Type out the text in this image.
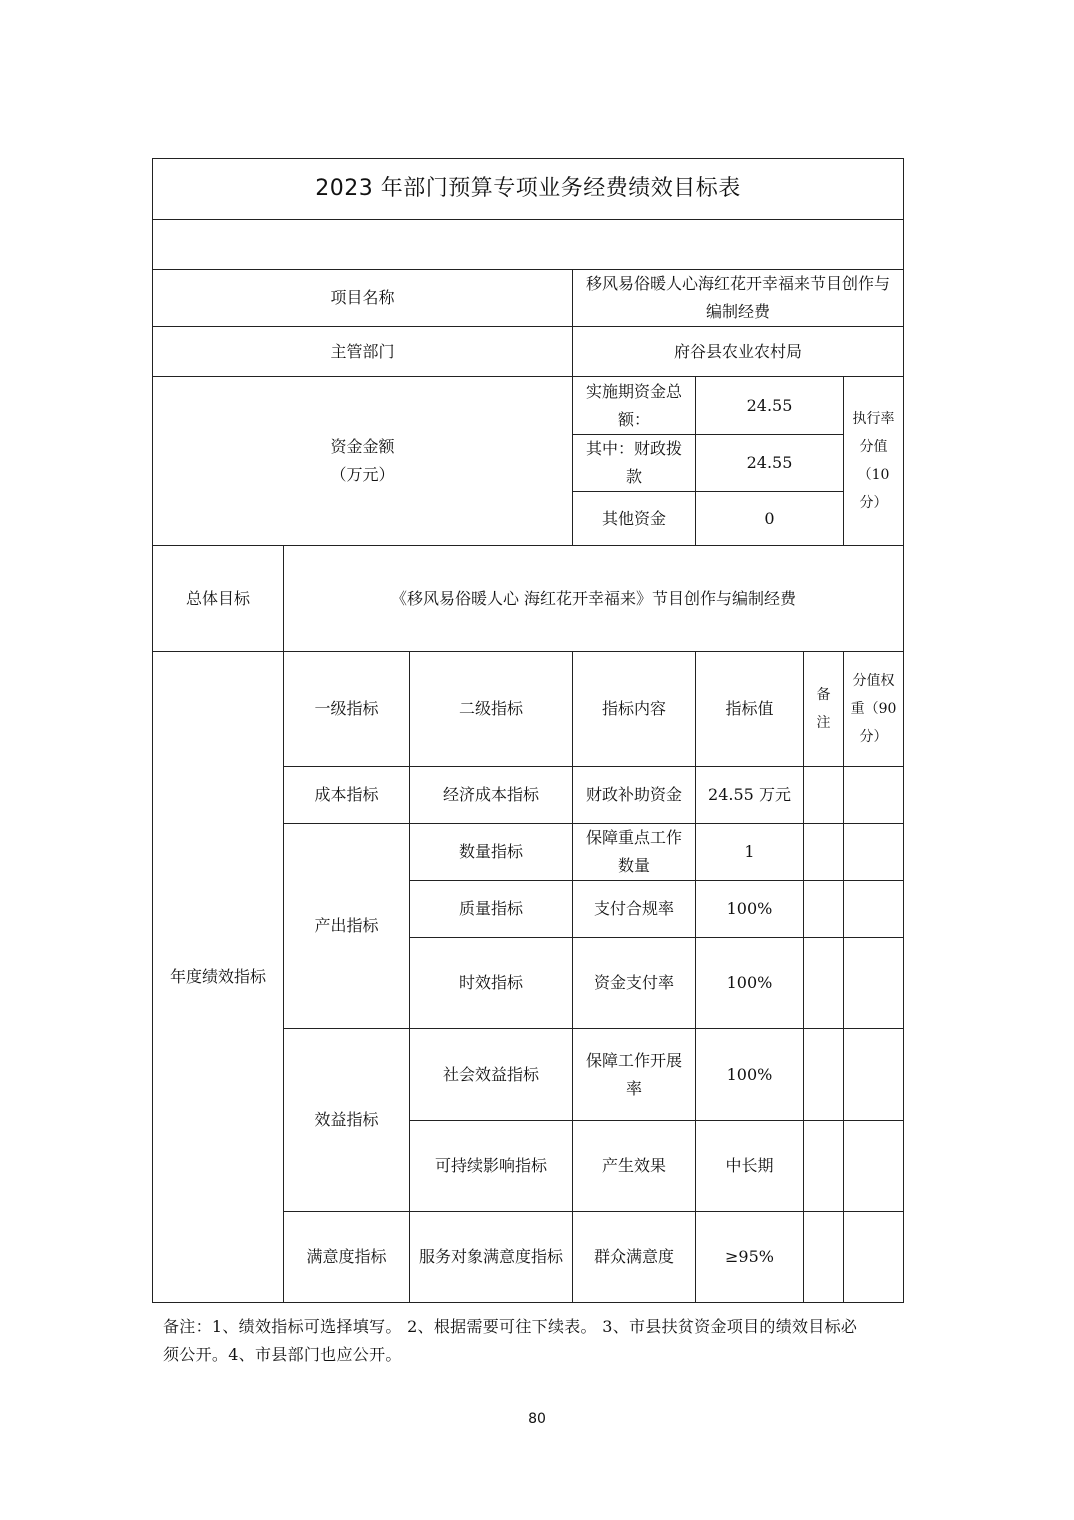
2023 年部门预算专项业务经费绩效目标表						

项目名称			移风易俗暖人心海红花开幸福来节目创作与编制经费			
主管部门			府谷县农业农村局			

资金金额
（万元）			实施期资金总额：	24.55		执行率分值（10分）
			其中：财政拨款	24.55		
			其他资金	0		
总体目标	《移风易俗暖人心 海红花开幸福来》节目创作与编制经费					
年度绩效指标	一级指标	二级指标	指标内容	指标值	备注	分值权重（90分）
	成本指标	经济成本指标	财政补助资金	24.55 万元		
	产出指标	数量指标	保障重点工作数量	1		
		质量指标	支付合规率	100%		
		时效指标	资金支付率	100%		
	效益指标	社会效益指标	保障工作开展率	100%		
		可持续影响指标	产生效果	中长期		
	满意度指标	服务对象满意度指标	群众满意度	≥95%		
备注：1、绩效指标可选择填写。 2、根据需要可往下续表。 3、市县扶贫资金项目的绩效目标必须公开。4、市县部门也应公开。
80
